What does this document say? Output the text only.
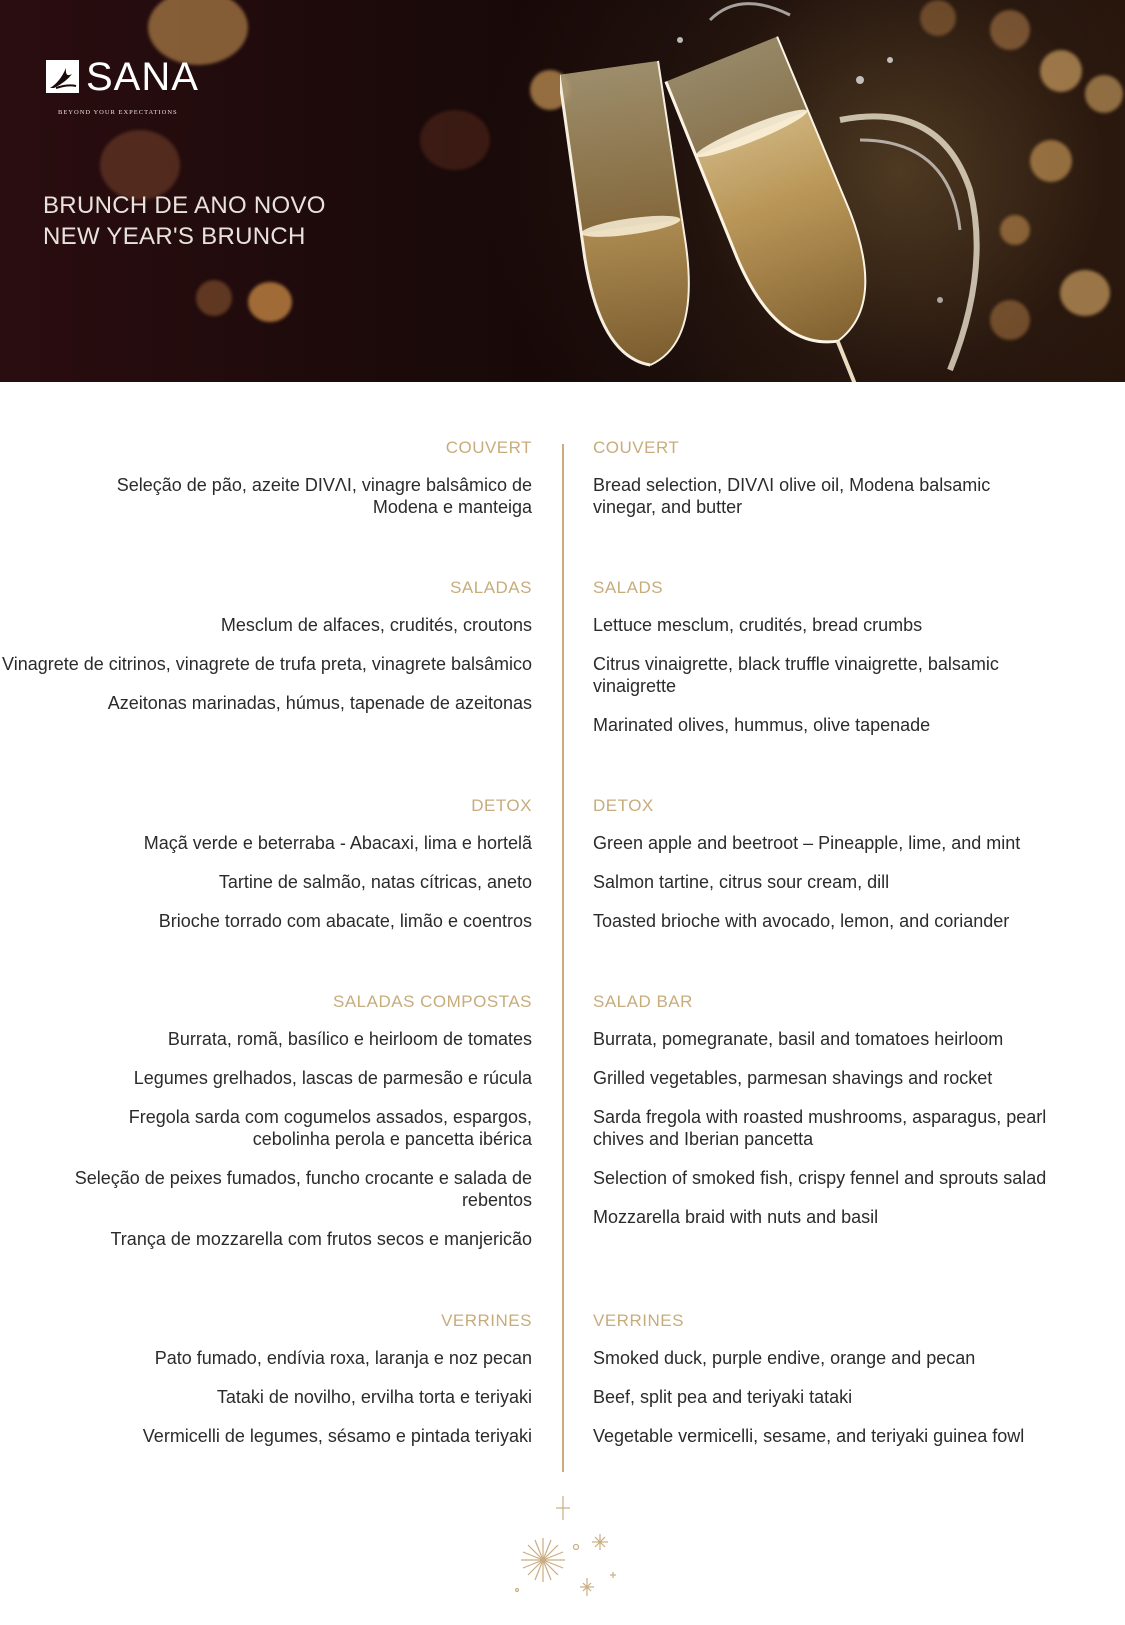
SANA
BEYOND YOUR EXPECTATIONS
BRUNCH DE ANO NOVO
NEW YEAR'S BRUNCH
COUVERT
Seleção de pão, azeite DIVΛI, vinagre balsâmico de Modena e manteiga
SALADAS
Mesclum de alfaces, crudités, croutons
Vinagrete de citrinos, vinagrete de trufa preta, vinagrete balsâmico
Azeitonas marinadas, húmus, tapenade de azeitonas
DETOX
Maçã verde e beterraba - Abacaxi, lima e hortelã
Tartine de salmão, natas cítricas, aneto
Brioche torrado com abacate, limão e coentros
SALADAS COMPOSTAS
Burrata, romã, basílico e heirloom de tomates
Legumes grelhados, lascas de parmesão e rúcula
Fregola sarda com cogumelos assados, espargos, cebolinha perola e pancetta ibérica
Seleção de peixes fumados, funcho crocante e salada de rebentos
Trança de mozzarella com frutos secos e manjericão
VERRINES
Pato fumado, endívia roxa, laranja e noz pecan
Tataki de novilho, ervilha torta e teriyaki
Vermicelli de legumes, sésamo e pintada teriyaki
COUVERT
Bread selection, DIVΛI olive oil, Modena balsamic vinegar, and butter
SALADS
Lettuce mesclum, crudités, bread crumbs
Citrus vinaigrette, black truffle vinaigrette, balsamic vinaigrette
Marinated olives, hummus, olive tapenade
DETOX
Green apple and beetroot – Pineapple, lime, and mint
Salmon tartine, citrus sour cream, dill
Toasted brioche with avocado, lemon, and coriander
SALAD BAR
Burrata, pomegranate, basil and tomatoes heirloom
Grilled vegetables, parmesan shavings and rocket
Sarda fregola with roasted mushrooms, asparagus, pearl chives and Iberian pancetta
Selection of smoked fish, crispy fennel and sprouts salad
Mozzarella braid with nuts and basil
VERRINES
Smoked duck, purple endive, orange and pecan
Beef, split pea and teriyaki tataki
Vegetable vermicelli, sesame, and teriyaki guinea fowl
